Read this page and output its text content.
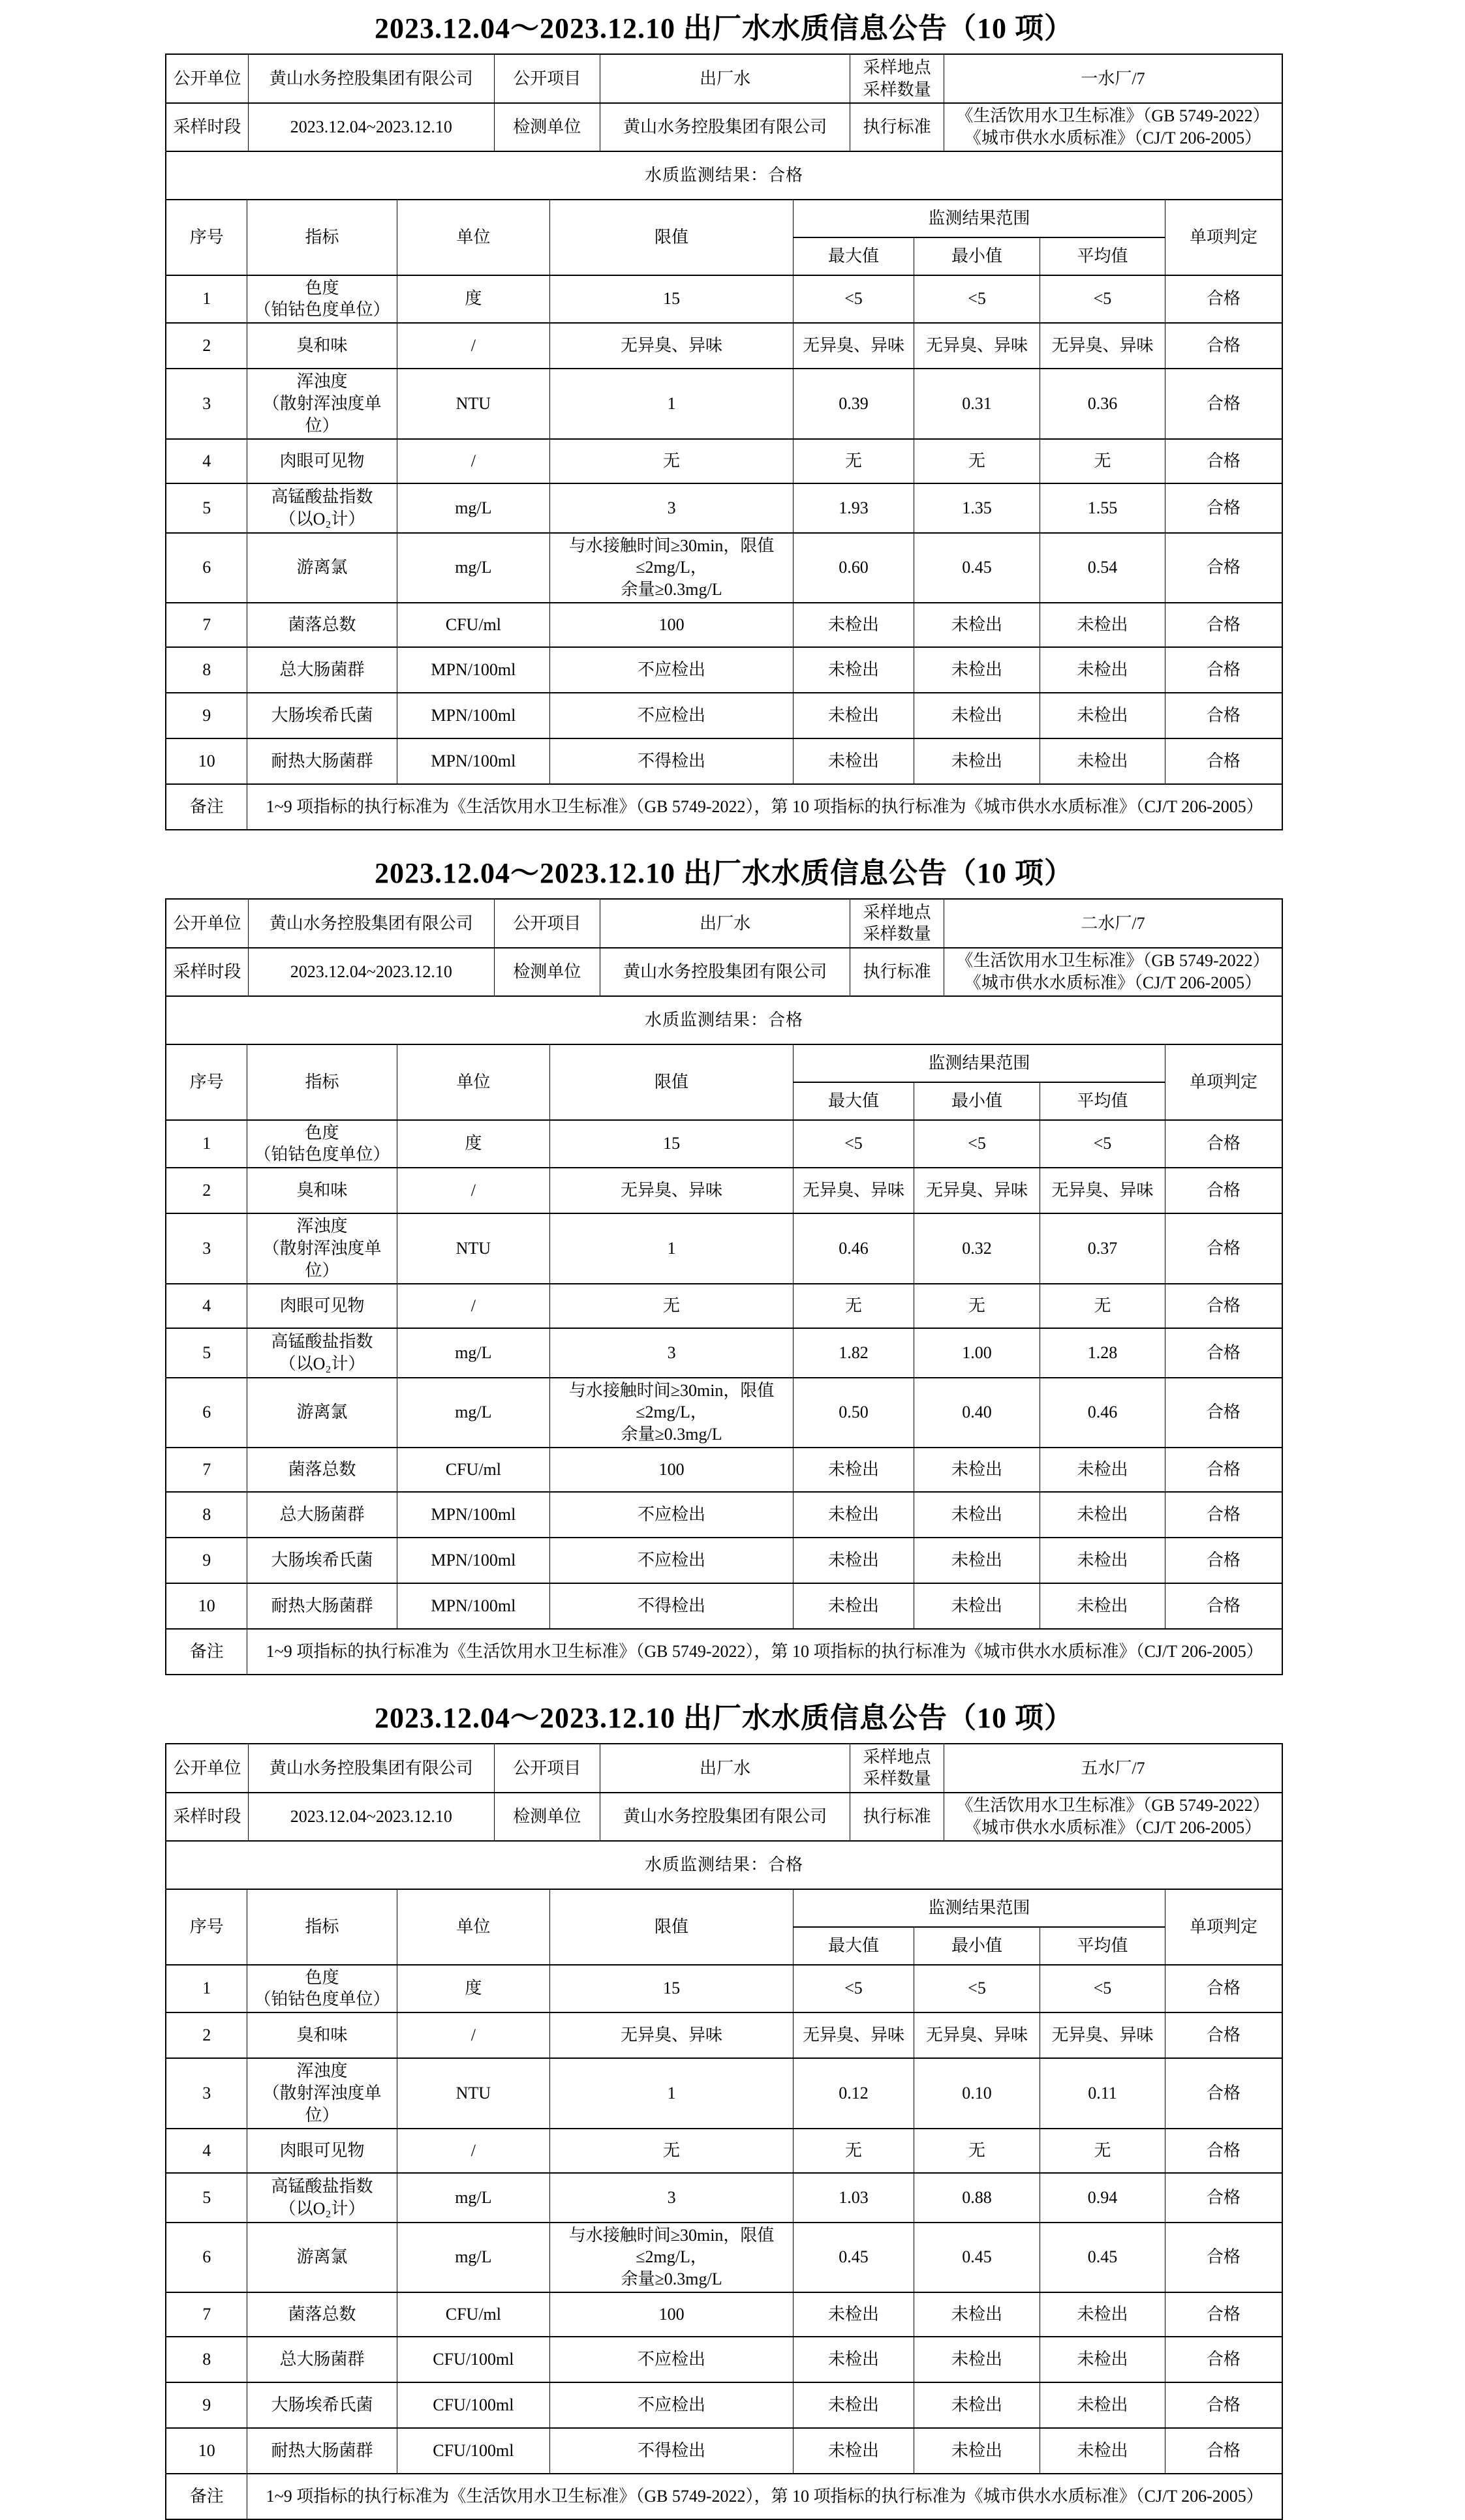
2023.12.04～2023.12.10 出厂水水质信息公告（10 项）
公开单位	黄山水务控股集团有限公司	公开项目	出厂水	采样地点
采样数量	一水厂/7
采样时段	2023.12.04~2023.12.10	检测单位	黄山水务控股集团有限公司	执行标准	《生活饮用水卫生标准》（GB 5749-2022）
《城市供水水质标准》（CJ/T 206-2005）

水质监测结果：合格					
序号	指标	单位	限值	监测结果范围			单项判定
				最大值	最小值	平均值	
1	色度
（铂钴色度单位）	度	15	<5	<5	<5	合格
2	臭和味	/	无异臭、异味	无异臭、异味	无异臭、异味	无异臭、异味	合格
3	浑浊度
（散射浑浊度单位）	NTU	1	0.39	0.31	0.36	合格
4	肉眼可见物	/	无	无	无	无	合格
5	高锰酸盐指数
（以O₂计）	mg/L	3	1.93	1.35	1.55	合格
6	游离氯	mg/L	与水接触时间≥30min，限值≤2mg/L，
余量≥0.3mg/L	0.60	0.45	0.54	合格
7	菌落总数	CFU/ml	100	未检出	未检出	未检出	合格
8	总大肠菌群	MPN/100ml	不应检出	未检出	未检出	未检出	合格
9	大肠埃希氏菌	MPN/100ml	不应检出	未检出	未检出	未检出	合格
10	耐热大肠菌群	MPN/100ml	不得检出	未检出	未检出	未检出	合格
备注	1~9 项指标的执行标准为《生活饮用水卫生标准》（GB 5749-2022），第 10 项指标的执行标准为《城市供水水质标准》（CJ/T 206-2005）						
2023.12.04～2023.12.10 出厂水水质信息公告（10 项）
公开单位	黄山水务控股集团有限公司	公开项目	出厂水	采样地点
采样数量	二水厂/7
采样时段	2023.12.04~2023.12.10	检测单位	黄山水务控股集团有限公司	执行标准	《生活饮用水卫生标准》（GB 5749-2022）
《城市供水水质标准》（CJ/T 206-2005）

水质监测结果：合格					
序号	指标	单位	限值	监测结果范围			单项判定
				最大值	最小值	平均值	
1	色度
（铂钴色度单位）	度	15	<5	<5	<5	合格
2	臭和味	/	无异臭、异味	无异臭、异味	无异臭、异味	无异臭、异味	合格
3	浑浊度
（散射浑浊度单位）	NTU	1	0.46	0.32	0.37	合格
4	肉眼可见物	/	无	无	无	无	合格
5	高锰酸盐指数
（以O₂计）	mg/L	3	1.82	1.00	1.28	合格
6	游离氯	mg/L	与水接触时间≥30min，限值≤2mg/L，
余量≥0.3mg/L	0.50	0.40	0.46	合格
7	菌落总数	CFU/ml	100	未检出	未检出	未检出	合格
8	总大肠菌群	MPN/100ml	不应检出	未检出	未检出	未检出	合格
9	大肠埃希氏菌	MPN/100ml	不应检出	未检出	未检出	未检出	合格
10	耐热大肠菌群	MPN/100ml	不得检出	未检出	未检出	未检出	合格
备注	1~9 项指标的执行标准为《生活饮用水卫生标准》（GB 5749-2022），第 10 项指标的执行标准为《城市供水水质标准》（CJ/T 206-2005）						
2023.12.04～2023.12.10 出厂水水质信息公告（10 项）
公开单位	黄山水务控股集团有限公司	公开项目	出厂水	采样地点
采样数量	五水厂/7
采样时段	2023.12.04~2023.12.10	检测单位	黄山水务控股集团有限公司	执行标准	《生活饮用水卫生标准》（GB 5749-2022）
《城市供水水质标准》（CJ/T 206-2005）

水质监测结果：合格					
序号	指标	单位	限值	监测结果范围			单项判定
				最大值	最小值	平均值	
1	色度
（铂钴色度单位）	度	15	<5	<5	<5	合格
2	臭和味	/	无异臭、异味	无异臭、异味	无异臭、异味	无异臭、异味	合格
3	浑浊度
（散射浑浊度单位）	NTU	1	0.12	0.10	0.11	合格
4	肉眼可见物	/	无	无	无	无	合格
5	高锰酸盐指数
（以O₂计）	mg/L	3	1.03	0.88	0.94	合格
6	游离氯	mg/L	与水接触时间≥30min，限值≤2mg/L，
余量≥0.3mg/L	0.45	0.45	0.45	合格
7	菌落总数	CFU/ml	100	未检出	未检出	未检出	合格
8	总大肠菌群	CFU/100ml	不应检出	未检出	未检出	未检出	合格
9	大肠埃希氏菌	CFU/100ml	不应检出	未检出	未检出	未检出	合格
10	耐热大肠菌群	CFU/100ml	不得检出	未检出	未检出	未检出	合格
备注	1~9 项指标的执行标准为《生活饮用水卫生标准》（GB 5749-2022），第 10 项指标的执行标准为《城市供水水质标准》（CJ/T 206-2005）						
